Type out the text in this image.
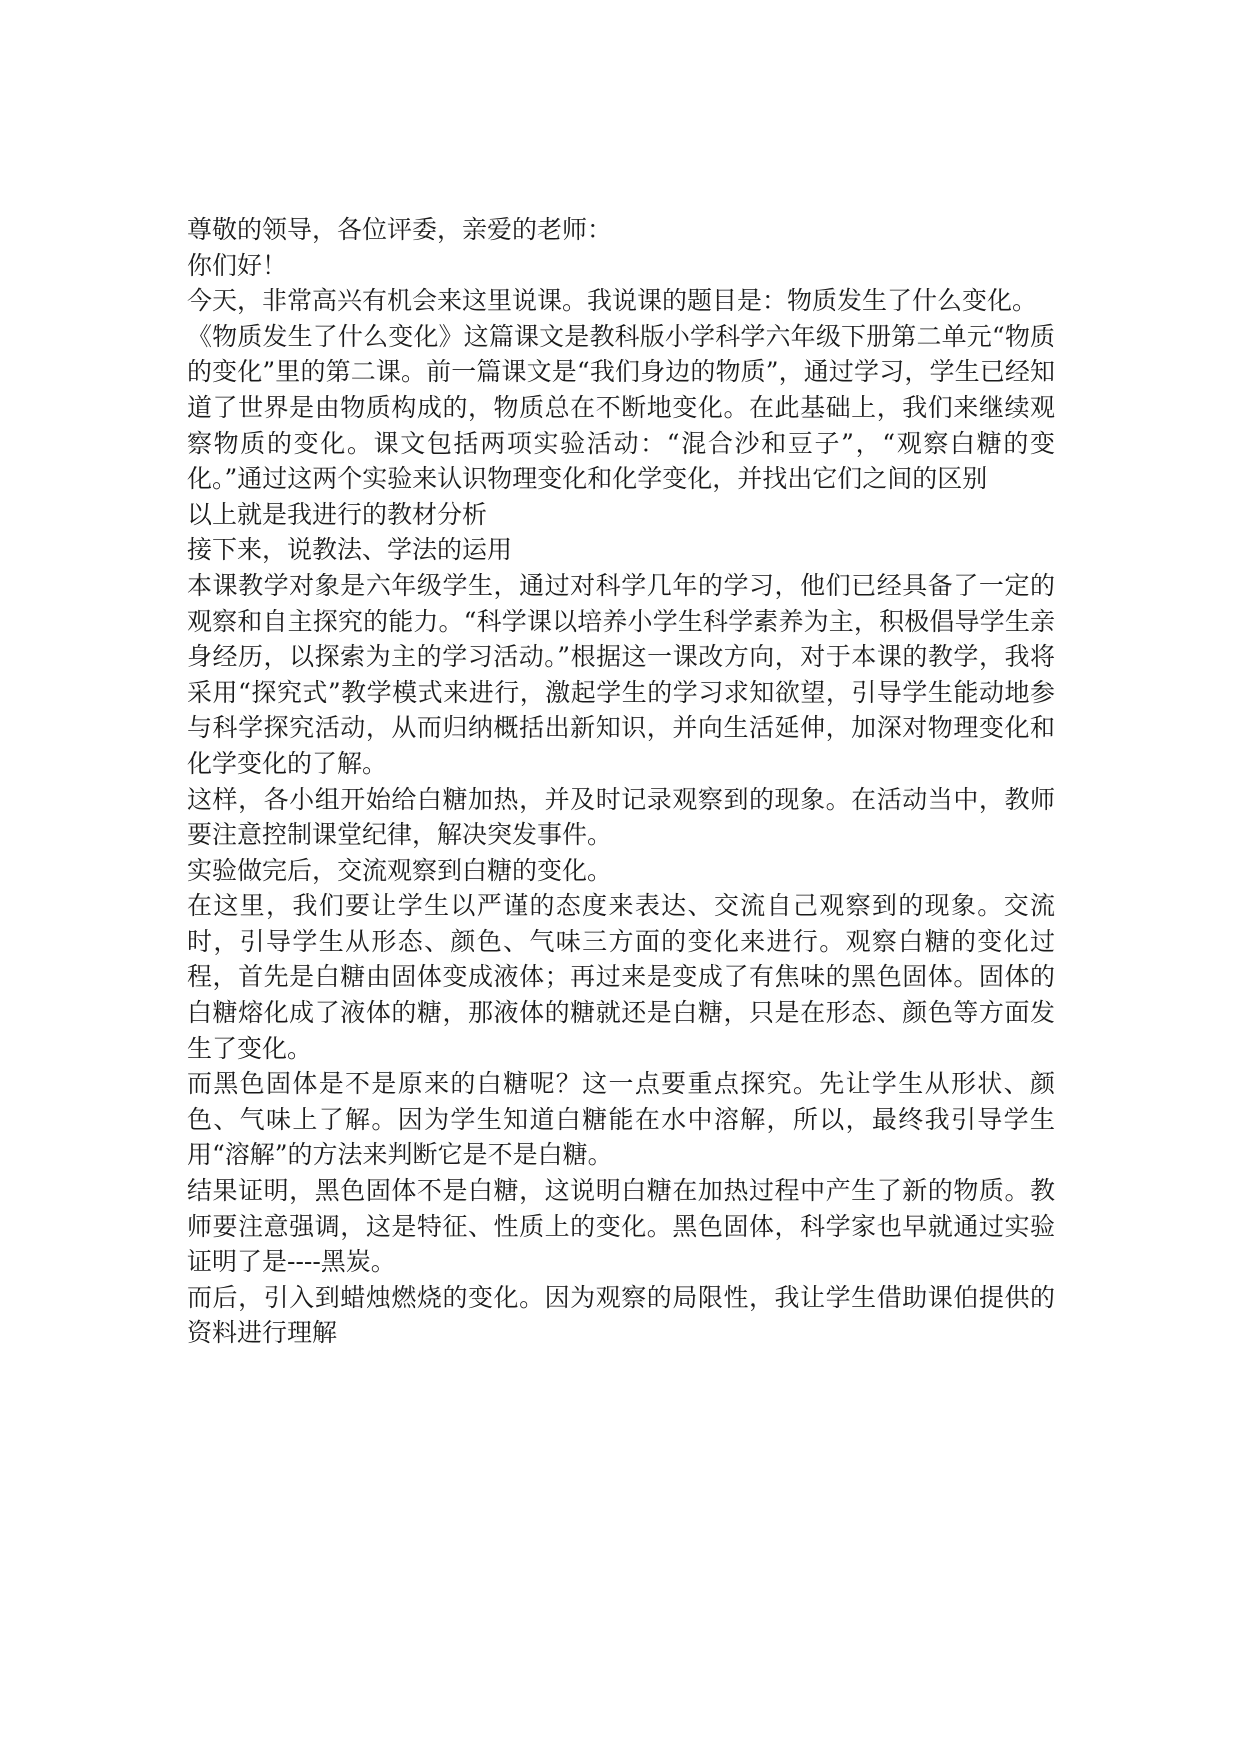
尊敬的领导，各位评委，亲爱的老师：

你们好！

今天，非常高兴有机会来这里说课。我说课的题目是：物质发生了什么变化。

《物质发生了什么变化》这篇课文是教科版小学科学六年级下册第二单元“物质的变化”里的第二课。前一篇课文是“我们身边的物质”，通过学习，学生已经知道了世界是由物质构成的，物质总在不断地变化。在此基础上，我们来继续观察物质的变化。课文包括两项实验活动：“混合沙和豆子”，“观察白糖的变化。”通过这两个实验来认识物理变化和化学变化，并找出它们之间的区别

以上就是我进行的教材分析

接下来，说教法、学法的运用

本课教学对象是六年级学生，通过对科学几年的学习，他们已经具备了一定的观察和自主探究的能力。“科学课以培养小学生科学素养为主，积极倡导学生亲身经历，以探索为主的学习活动。”根据这一课改方向，对于本课的教学，我将采用“探究式”教学模式来进行，激起学生的学习求知欲望，引导学生能动地参与科学探究活动，从而归纳概括出新知识，并向生活延伸，加深对物理变化和化学变化的了解。

这样，各小组开始给白糖加热，并及时记录观察到的现象。在活动当中，教师要注意控制课堂纪律，解决突发事件。

实验做完后，交流观察到白糖的变化。

在这里，我们要让学生以严谨的态度来表达、交流自己观察到的现象。交流时，引导学生从形态、颜色、气味三方面的变化来进行。观察白糖的变化过程，首先是白糖由固体变成液体；再过来是变成了有焦味的黑色固体。固体的白糖熔化成了液体的糖，那液体的糖就还是白糖，只是在形态、颜色等方面发生了变化。

而黑色固体是不是原来的白糖呢？这一点要重点探究。先让学生从形状、颜色、气味上了解。因为学生知道白糖能在水中溶解，所以，最终我引导学生用“溶解”的方法来判断它是不是白糖。

结果证明，黑色固体不是白糖，这说明白糖在加热过程中产生了新的物质。教师要注意强调，这是特征、性质上的变化。黑色固体，科学家也早就通过实验证明了是----黑炭。

而后，引入到蜡烛燃烧的变化。因为观察的局限性，我让学生借助课伯提供的资料进行理解
